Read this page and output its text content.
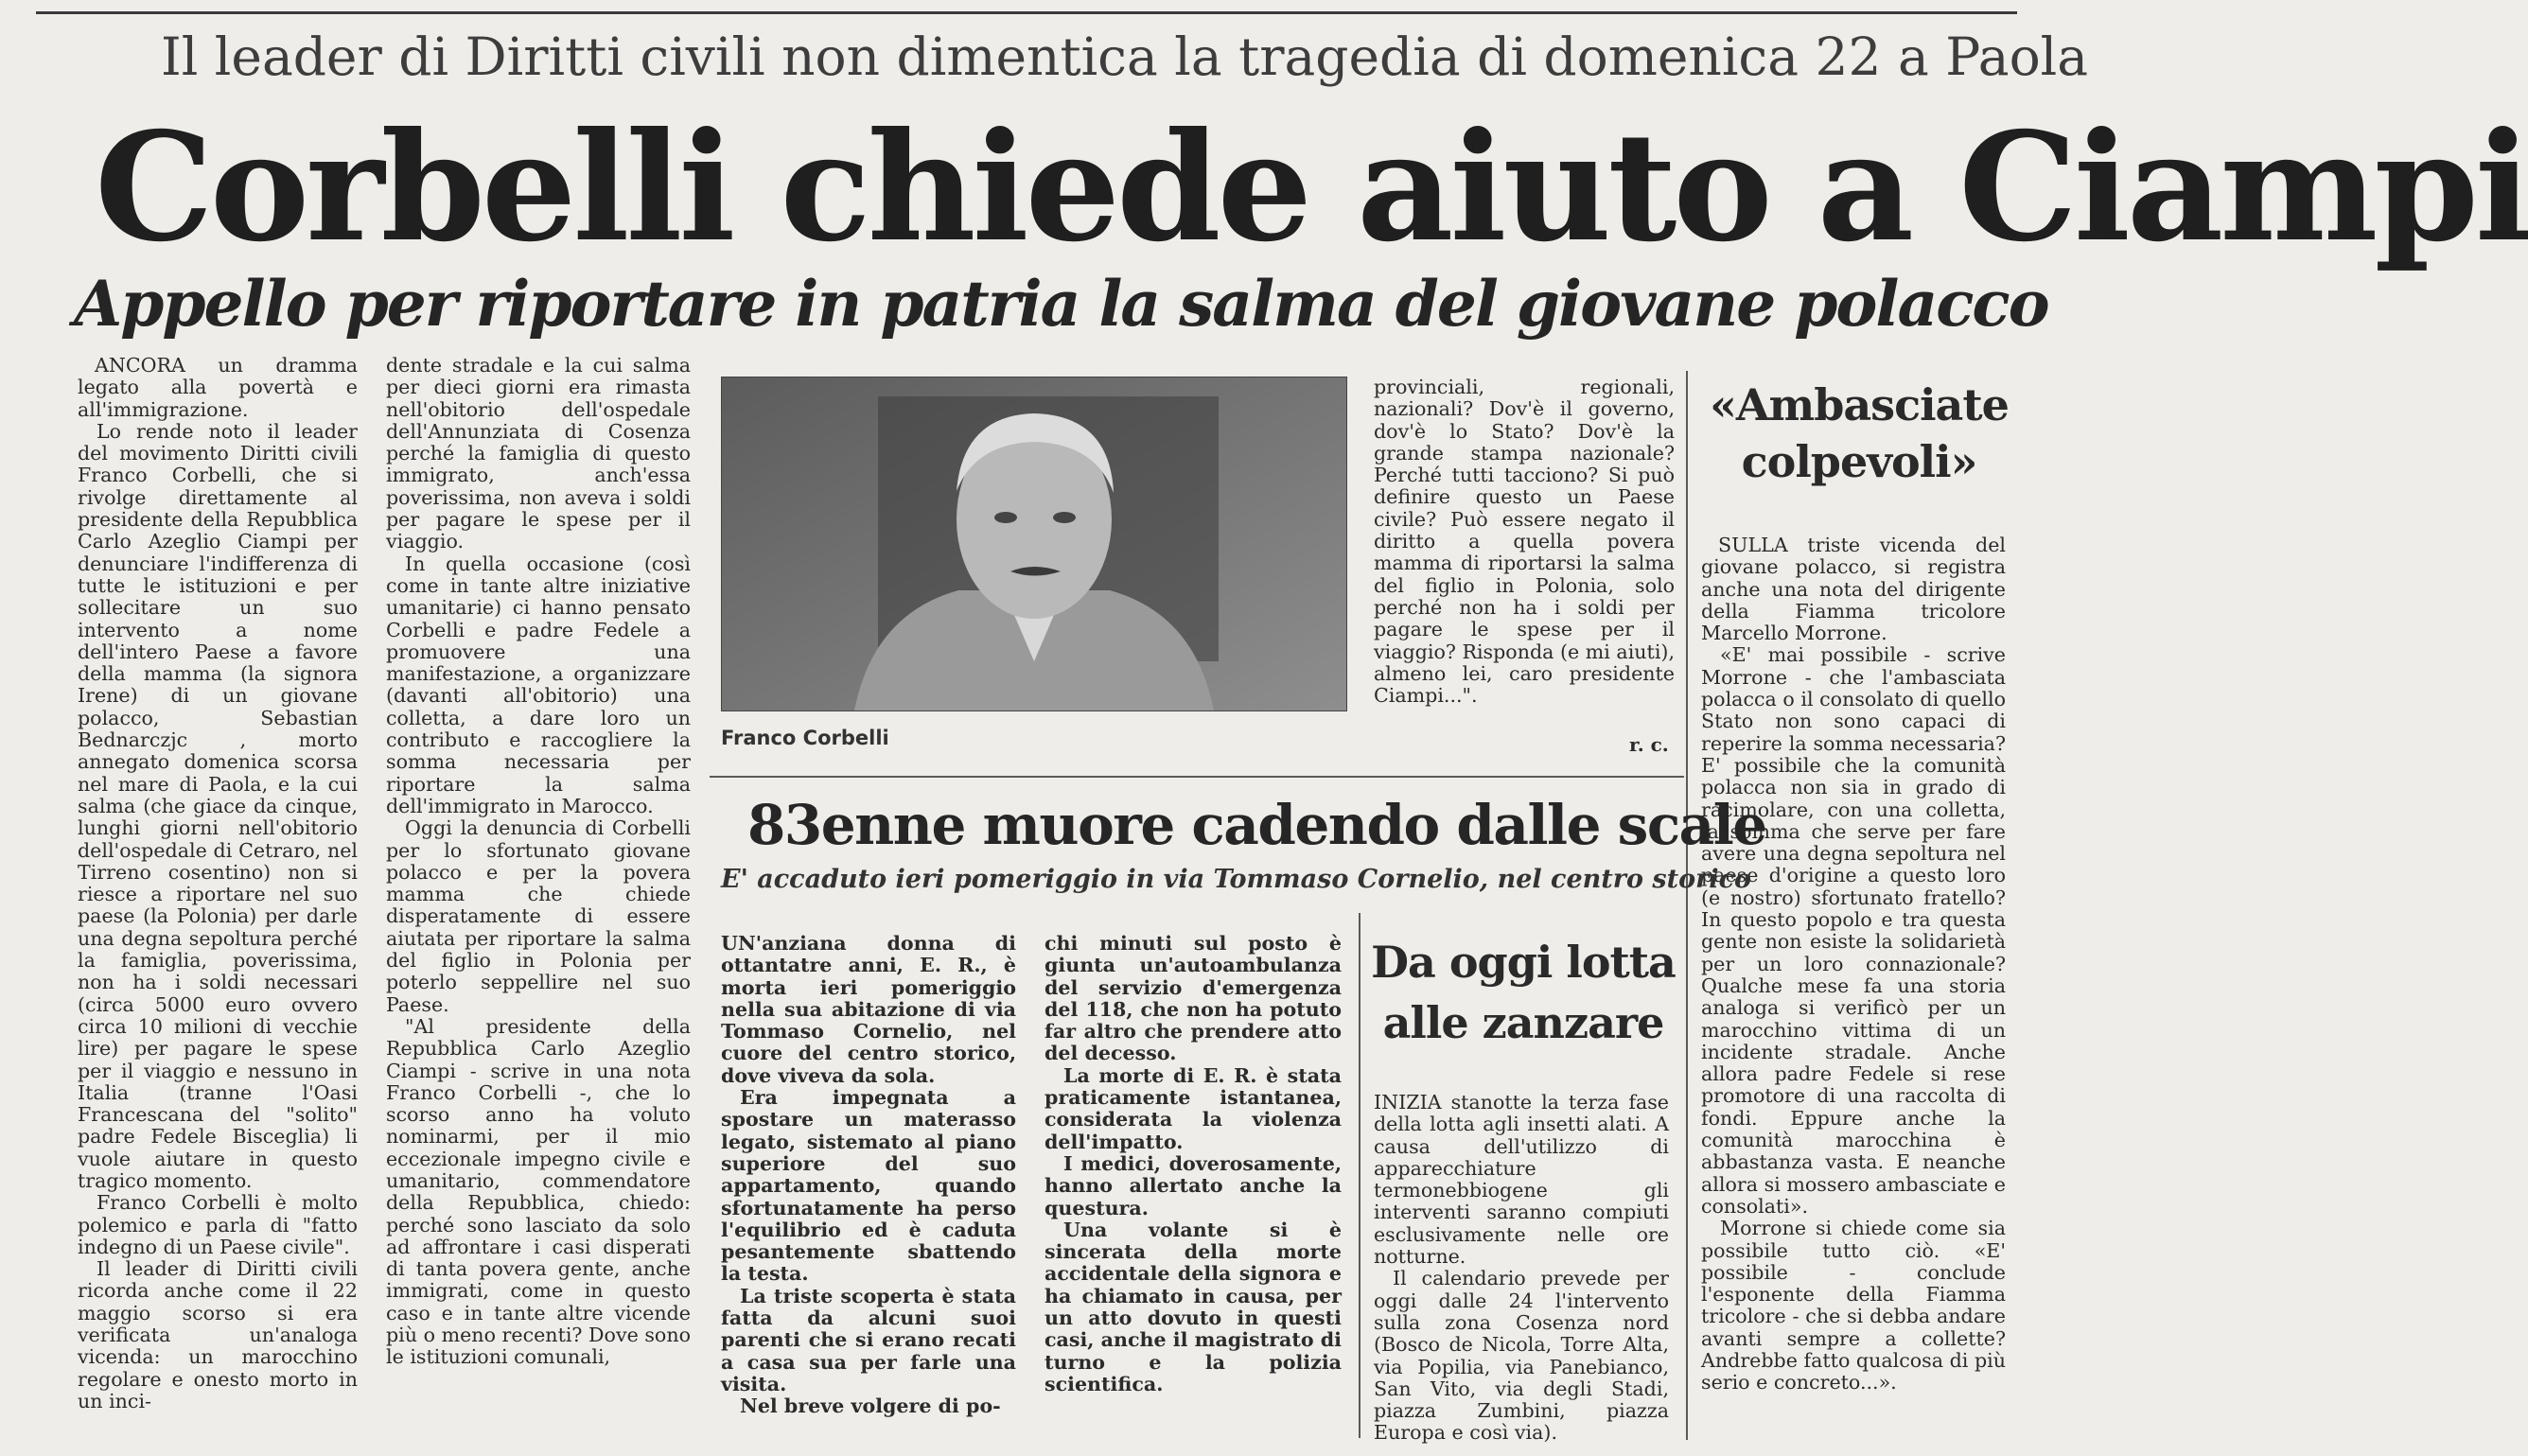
Il leader di Diritti civili non dimentica la tragedia di domenica 22 a Paola
Corbelli chiede aiuto a Ciampi
Appello per riportare in patria la salma del giovane polacco

ANCORA un dramma legato alla povertà e all'immigrazione.

Lo rende noto il leader del movimento Diritti civili Franco Corbelli, che si rivolge direttamente al presidente della Repubblica Carlo Azeglio Ciampi per denunciare l'indifferenza di tutte le istituzioni e per sollecitare un suo intervento a nome dell'intero Paese a favore della mamma (la signora Irene) di un giovane polacco, Sebastian Bednarczjc , morto annegato domenica scorsa nel mare di Paola, e la cui salma (che giace da cinque, lunghi giorni nell'obitorio dell'ospedale di Cetraro, nel Tirreno cosentino) non si riesce a riportare nel suo paese (la Polonia) per darle una degna sepoltura perché la famiglia, poverissima, non ha i soldi necessari (circa 5000 euro ovvero circa 10 milioni di vecchie lire) per pagare le spese per il viaggio e nessuno in Italia (tranne l'Oasi Francescana del "solito" padre Fedele Bisceglia) li vuole aiutare in questo tragico momento.

Franco Corbelli è molto polemico e parla di "fatto indegno di un Paese civile".

Il leader di Diritti civili ricorda anche come il 22 maggio scorso si era verificata un'analoga vicenda: un marocchino regolare e onesto morto in un inci-

dente stradale e la cui salma per dieci giorni era rimasta nell'obitorio dell'ospedale dell'Annunziata di Cosenza perché la famiglia di questo immigrato, anch'essa poverissima, non aveva i soldi per pagare le spese per il viaggio.

In quella occasione (così come in tante altre iniziative umanitarie) ci hanno pensato Corbelli e padre Fedele a promuovere una manifestazione, a organizzare (davanti all'obitorio) una colletta, a dare loro un contributo e raccogliere la somma necessaria per riportare la salma dell'immigrato in Marocco.

Oggi la denuncia di Corbelli per lo sfortunato giovane polacco e per la povera mamma che chiede disperatamente di essere aiutata per riportare la salma del figlio in Polonia per poterlo seppellire nel suo Paese.

"Al presidente della Repubblica Carlo Azeglio Ciampi - scrive in una nota Franco Corbelli -, che lo scorso anno ha voluto nominarmi, per il mio eccezionale impegno civile e umanitario, commendatore della Repubblica, chiedo: perché sono lasciato da solo ad affrontare i casi disperati di tanta povera gente, anche immigrati, come in questo caso e in tante altre vicende più o meno recenti? Dove sono le istituzioni comunali,

Franco Corbelli

provinciali, regionali, nazionali? Dov'è il governo, dov'è lo Stato? Dov'è la grande stampa nazionale? Perché tutti tacciono? Si può definire questo un Paese civile? Può essere negato il diritto a quella povera mamma di riportarsi la salma del figlio in Polonia, solo perché non ha i soldi per pagare le spese per il viaggio? Risponda (e mi aiuti), almeno lei, caro presidente Ciampi...".

r. c.
«Ambasciate
colpevoli»

SULLA triste vicenda del giovane polacco, si registra anche una nota del dirigente della Fiamma tricolore Marcello Morrone.

«E' mai possibile - scrive Morrone - che l'ambasciata polacca o il consolato di quello Stato non sono capaci di reperire la somma necessaria? E' possibile che la comunità polacca non sia in grado di racimolare, con una colletta, la somma che serve per fare avere una degna sepoltura nel paese d'origine a questo loro (e nostro) sfortunato fratello? In questo popolo e tra questa gente non esiste la solidarietà per un loro connazionale? Qualche mese fa una storia analoga si verificò per un marocchino vittima di un incidente stradale. Anche allora padre Fedele si rese promotore di una raccolta di fondi. Eppure anche la comunità marocchina è abbastanza vasta. E neanche allora si mossero ambasciate e consolati».

Morrone si chiede come sia possibile tutto ciò. «E' possibile - conclude l'esponente della Fiamma tricolore - che si debba andare avanti sempre a collette? Andrebbe fatto qualcosa di più serio e concreto...».

83enne muore cadendo dalle scale
E' accaduto ieri pomeriggio in via Tommaso Cornelio, nel centro storico

UN'anziana donna di ottantatre anni, E. R., è morta ieri pomeriggio nella sua abitazione di via Tommaso Cornelio, nel cuore del centro storico, dove viveva da sola.

Era impegnata a spostare un materasso legato, sistemato al piano superiore del suo appartamento, quando sfortunatamente ha perso l'equilibrio ed è caduta pesantemente sbattendo la testa.

La triste scoperta è stata fatta da alcuni suoi parenti che si erano recati a casa sua per farle una visita.

Nel breve volgere di po-

chi minuti sul posto è giunta un'autoambulanza del servizio d'emergenza del 118, che non ha potuto far altro che prendere atto del decesso.

La morte di E. R. è stata praticamente istantanea, considerata la violenza dell'impatto.

I medici, doverosamente, hanno allertato anche la questura.

Una volante si è sincerata della morte accidentale della signora e ha chiamato in causa, per un atto dovuto in questi casi, anche il magistrato di turno e la polizia scientifica.

Da oggi lotta
alle zanzare

INIZIA stanotte la terza fase della lotta agli insetti alati. A causa dell'utilizzo di apparecchiature termonebbiogene gli interventi saranno compiuti esclusivamente nelle ore notturne.

Il calendario prevede per oggi dalle 24 l'intervento sulla zona Cosenza nord (Bosco de Nicola, Torre Alta, via Popilia, via Panebianco, San Vito, via degli Stadi, piazza Zumbini, piazza Europa e così via).
